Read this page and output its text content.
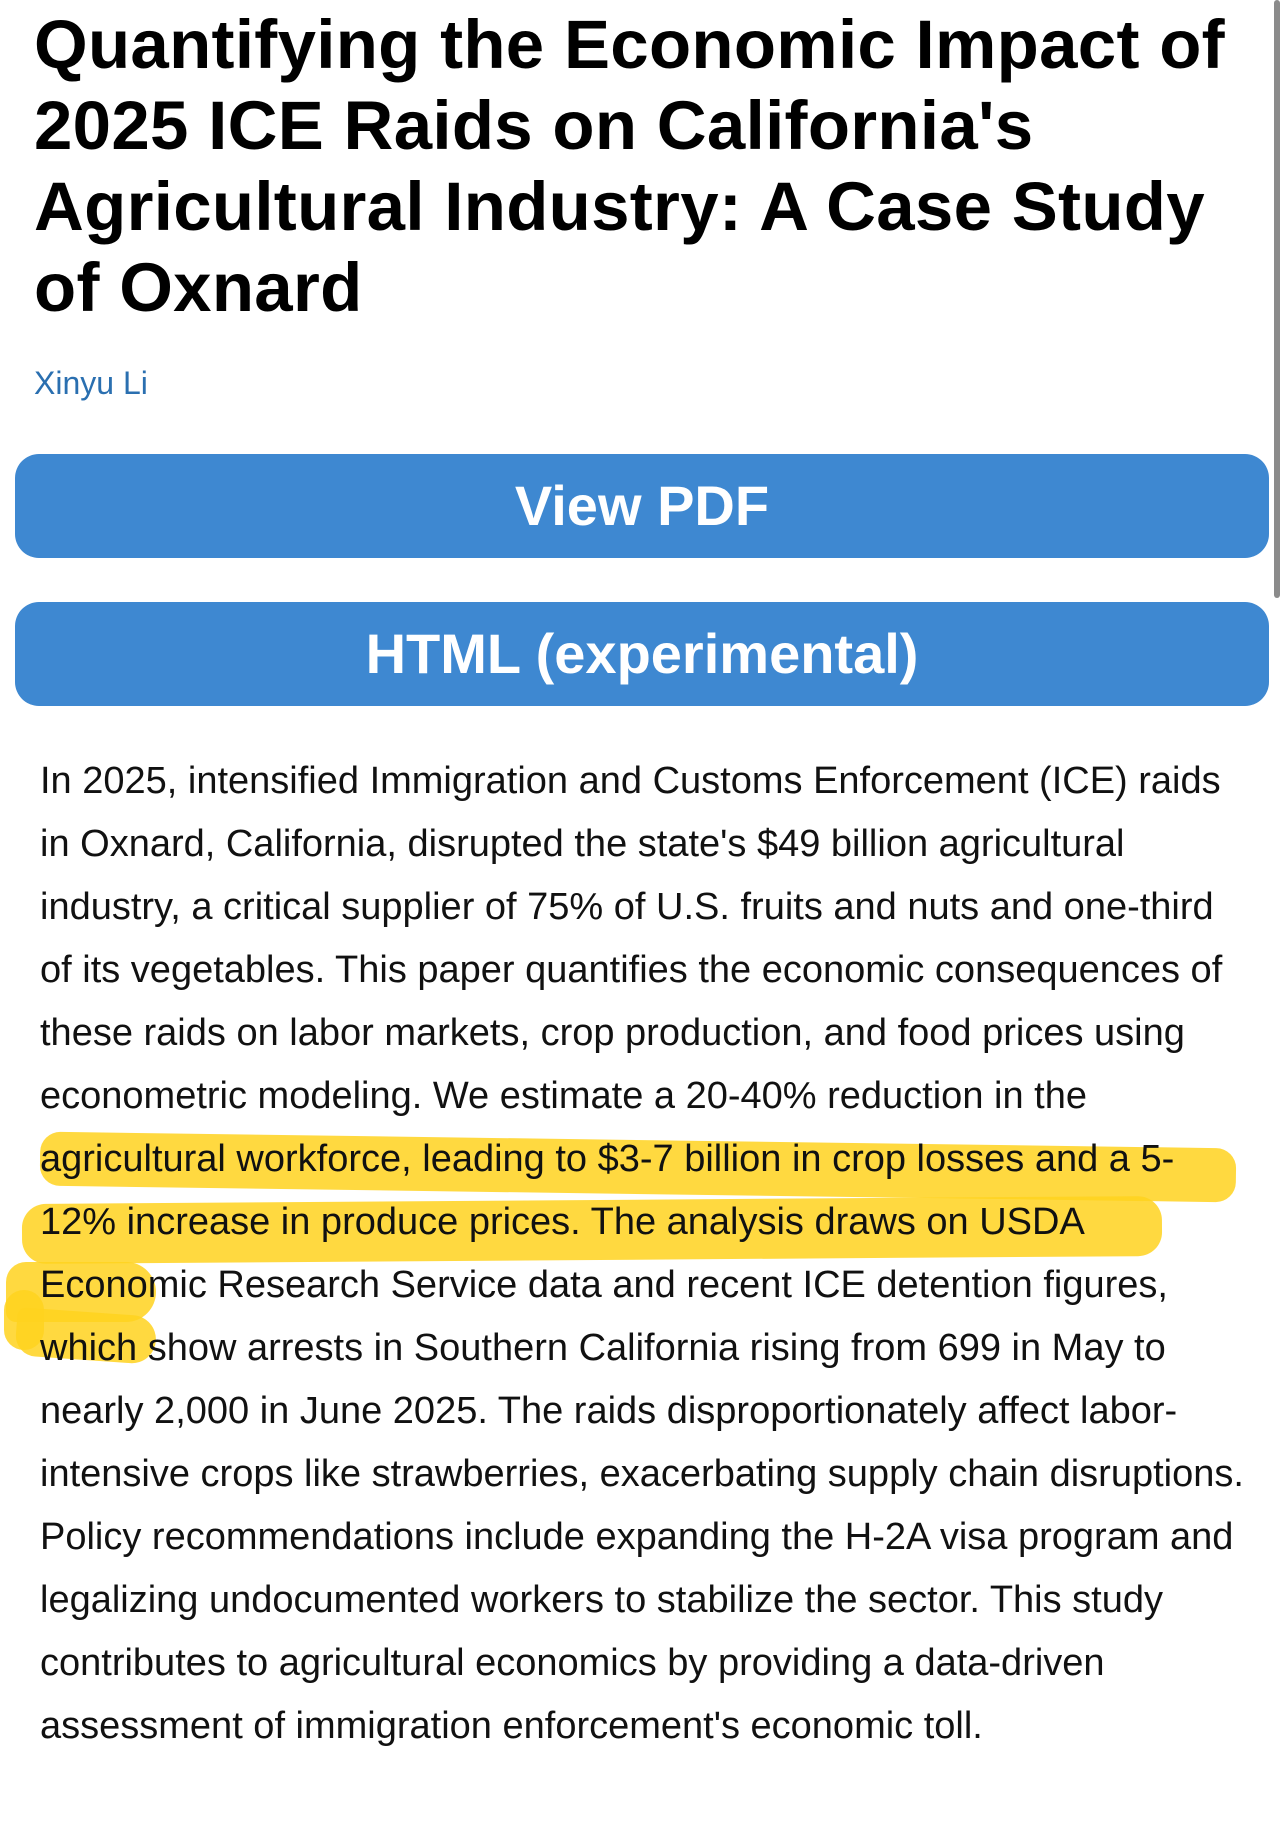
Quantifying the Economic Impact of 2025 ICE Raids on California's Agricultural Industry: A Case Study of Oxnard
Xinyu Li
View PDF
HTML (experimental)

In 2025, intensified Immigration and Customs Enforcement (ICE) raids in Oxnard, California, disrupted the state's $49 billion agricultural industry, a critical supplier of 75% of U.S. fruits and nuts and one-third of its vegetables. This paper quantifies the economic consequences of these raids on labor markets, crop production, and food prices using econometric modeling. We estimate a 20-40% reduction in the agricultural workforce, leading to $3-7 billion in crop losses and a 5-12% increase in produce prices. The analysis draws on USDA Economic Research Service data and recent ICE detention figures, which show arrests in Southern California rising from 699 in May to nearly 2,000 in June 2025. The raids disproportionately affect labor-intensive crops like strawberries, exacerbating supply chain disruptions. Policy recommendations include expanding the H-2A visa program and legalizing undocumented workers to stabilize the sector. This study contributes to agricultural economics by providing a data-driven assessment of immigration enforcement's economic toll.
